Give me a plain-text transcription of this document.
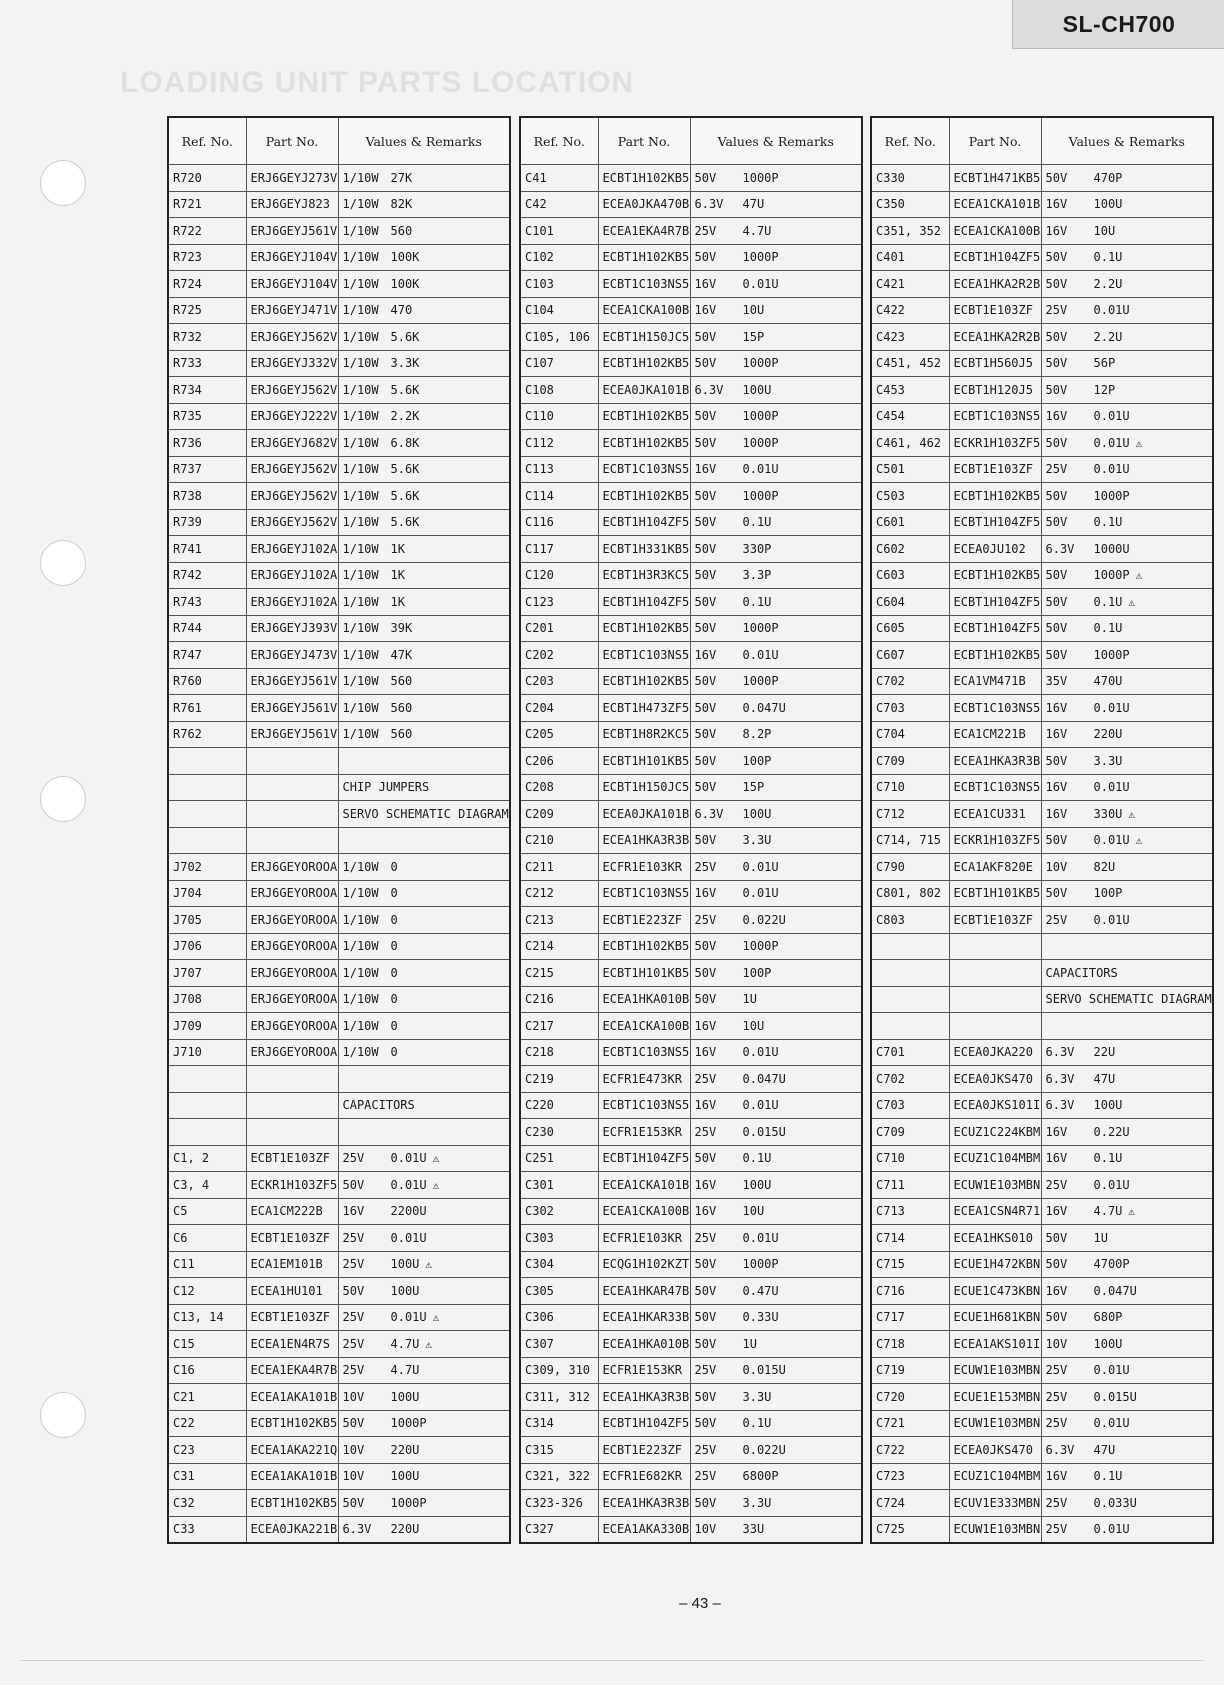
SL-CH700
LOADING UNIT PARTS LOCATION
Ref. No.	Part No.	Values & Remarks
R720	ERJ6GEYJ273V	1/10W 27K
R721	ERJ6GEYJ823	1/10W 82K
R722	ERJ6GEYJ561V	1/10W 560
R723	ERJ6GEYJ104V	1/10W 100K
R724	ERJ6GEYJ104V	1/10W 100K
R725	ERJ6GEYJ471V	1/10W 470
R732	ERJ6GEYJ562V	1/10W 5.6K
R733	ERJ6GEYJ332V	1/10W 3.3K
R734	ERJ6GEYJ562V	1/10W 5.6K
R735	ERJ6GEYJ222V	1/10W 2.2K
R736	ERJ6GEYJ682V	1/10W 6.8K
R737	ERJ6GEYJ562V	1/10W 5.6K
R738	ERJ6GEYJ562V	1/10W 5.6K
R739	ERJ6GEYJ562V	1/10W 5.6K
R741	ERJ6GEYJ102A	1/10W 1K
R742	ERJ6GEYJ102A	1/10W 1K
R743	ERJ6GEYJ102A	1/10W 1K
R744	ERJ6GEYJ393V	1/10W 39K
R747	ERJ6GEYJ473V	1/10W 47K
R760	ERJ6GEYJ561V	1/10W 560
R761	ERJ6GEYJ561V	1/10W 560
R762	ERJ6GEYJ561V	1/10W 560

		CHIP JUMPERS
		SERVO SCHEMATIC DIAGRAM

J702	ERJ6GEYOROOA	1/10W 0
J704	ERJ6GEYOROOA	1/10W 0
J705	ERJ6GEYOROOA	1/10W 0
J706	ERJ6GEYOROOA	1/10W 0
J707	ERJ6GEYOROOA	1/10W 0
J708	ERJ6GEYOROOA	1/10W 0
J709	ERJ6GEYOROOA	1/10W 0
J710	ERJ6GEYOROOA	1/10W 0

		CAPACITORS

C1, 2	ECBT1E103ZF	25V 0.01U ⚠
C3, 4	ECKR1H103ZF5	50V 0.01U ⚠
C5	ECA1CM222B	16V 2200U
C6	ECBT1E103ZF	25V 0.01U
C11	ECA1EM101B	25V 100U ⚠
C12	ECEA1HU101	50V 100U
C13, 14	ECBT1E103ZF	25V 0.01U ⚠
C15	ECEA1EN4R7S	25V 4.7U ⚠
C16	ECEA1EKA4R7B	25V 4.7U
C21	ECEA1AKA101B	10V 100U
C22	ECBT1H102KB5	50V 1000P
C23	ECEA1AKA221Q	10V 220U
C31	ECEA1AKA101B	10V 100U
C32	ECBT1H102KB5	50V 1000P
C33	ECEA0JKA221B	6.3V 220U
Ref. No.	Part No.	Values & Remarks
C41	ECBT1H102KB5	50V 1000P
C42	ECEA0JKA470B	6.3V 47U
C101	ECEA1EKA4R7B	25V 4.7U
C102	ECBT1H102KB5	50V 1000P
C103	ECBT1C103NS5	16V 0.01U
C104	ECEA1CKA100B	16V 10U
C105, 106	ECBT1H150JC5	50V 15P
C107	ECBT1H102KB5	50V 1000P
C108	ECEA0JKA101B	6.3V 100U
C110	ECBT1H102KB5	50V 1000P
C112	ECBT1H102KB5	50V 1000P
C113	ECBT1C103NS5	16V 0.01U
C114	ECBT1H102KB5	50V 1000P
C116	ECBT1H104ZF5	50V 0.1U
C117	ECBT1H331KB5	50V 330P
C120	ECBT1H3R3KC5	50V 3.3P
C123	ECBT1H104ZF5	50V 0.1U
C201	ECBT1H102KB5	50V 1000P
C202	ECBT1C103NS5	16V 0.01U
C203	ECBT1H102KB5	50V 1000P
C204	ECBT1H473ZF5	50V 0.047U
C205	ECBT1H8R2KC5	50V 8.2P
C206	ECBT1H101KB5	50V 100P
C208	ECBT1H150JC5	50V 15P
C209	ECEA0JKA101B	6.3V 100U
C210	ECEA1HKA3R3B	50V 3.3U
C211	ECFR1E103KR	25V 0.01U
C212	ECBT1C103NS5	16V 0.01U
C213	ECBT1E223ZF	25V 0.022U
C214	ECBT1H102KB5	50V 1000P
C215	ECBT1H101KB5	50V 100P
C216	ECEA1HKA010B	50V 1U
C217	ECEA1CKA100B	16V 10U
C218	ECBT1C103NS5	16V 0.01U
C219	ECFR1E473KR	25V 0.047U
C220	ECBT1C103NS5	16V 0.01U
C230	ECFR1E153KR	25V 0.015U
C251	ECBT1H104ZF5	50V 0.1U
C301	ECEA1CKA101B	16V 100U
C302	ECEA1CKA100B	16V 10U
C303	ECFR1E103KR	25V 0.01U
C304	ECQG1H102KZT	50V 1000P
C305	ECEA1HKAR47B	50V 0.47U
C306	ECEA1HKAR33B	50V 0.33U
C307	ECEA1HKA010B	50V 1U
C309, 310	ECFR1E153KR	25V 0.015U
C311, 312	ECEA1HKA3R3B	50V 3.3U
C314	ECBT1H104ZF5	50V 0.1U
C315	ECBT1E223ZF	25V 0.022U
C321, 322	ECFR1E682KR	25V 6800P
C323-326	ECEA1HKA3R3B	50V 3.3U
C327	ECEA1AKA330B	10V 33U
Ref. No.	Part No.	Values & Remarks
C330	ECBT1H471KB5	50V 470P
C350	ECEA1CKA101B	16V 100U
C351, 352	ECEA1CKA100B	16V 10U
C401	ECBT1H104ZF5	50V 0.1U
C421	ECEA1HKA2R2B	50V 2.2U
C422	ECBT1E103ZF	25V 0.01U
C423	ECEA1HKA2R2B	50V 2.2U
C451, 452	ECBT1H560J5	50V 56P
C453	ECBT1H120J5	50V 12P
C454	ECBT1C103NS5	16V 0.01U
C461, 462	ECKR1H103ZF5	50V 0.01U ⚠
C501	ECBT1E103ZF	25V 0.01U
C503	ECBT1H102KB5	50V 1000P
C601	ECBT1H104ZF5	50V 0.1U
C602	ECEA0JU102	6.3V 1000U
C603	ECBT1H102KB5	50V 1000P ⚠
C604	ECBT1H104ZF5	50V 0.1U ⚠
C605	ECBT1H104ZF5	50V 0.1U
C607	ECBT1H102KB5	50V 1000P
C702	ECA1VM471B	35V 470U
C703	ECBT1C103NS5	16V 0.01U
C704	ECA1CM221B	16V 220U
C709	ECEA1HKA3R3B	50V 3.3U
C710	ECBT1C103NS5	16V 0.01U
C712	ECEA1CU331	16V 330U ⚠
C714, 715	ECKR1H103ZF5	50V 0.01U ⚠
C790	ECA1AKF820E	10V 82U
C801, 802	ECBT1H101KB5	50V 100P
C803	ECBT1E103ZF	25V 0.01U

		CAPACITORS
		SERVO SCHEMATIC DIAGRAM

C701	ECEA0JKA220	6.3V 22U
C702	ECEA0JKS470	6.3V 47U
C703	ECEA0JKS101I	6.3V 100U
C709	ECUZ1C224KBM	16V 0.22U
C710	ECUZ1C104MBM	16V 0.1U
C711	ECUW1E103MBN	25V 0.01U
C713	ECEA1CSN4R71	16V 4.7U ⚠
C714	ECEA1HKS010	50V 1U
C715	ECUE1H472KBN	50V 4700P
C716	ECUE1C473KBN	16V 0.047U
C717	ECUE1H681KBN	50V 680P
C718	ECEA1AKS101I	10V 100U
C719	ECUW1E103MBN	25V 0.01U
C720	ECUE1E153MBN	25V 0.015U
C721	ECUW1E103MBN	25V 0.01U
C722	ECEA0JKS470	6.3V 47U
C723	ECUZ1C104MBM	16V 0.1U
C724	ECUV1E333MBN	25V 0.033U
C725	ECUW1E103MBN	25V 0.01U
– 43 –
